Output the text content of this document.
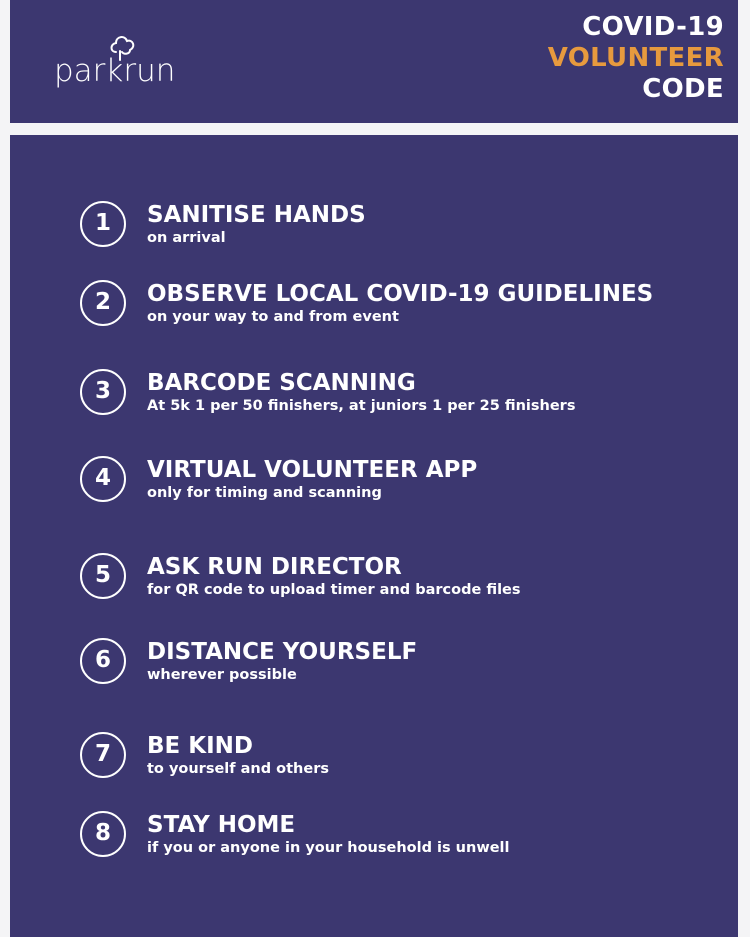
parkrun
COVID-19
VOLUNTEER
CODE
1	SANITISE HANDS
on arrival
2	OBSERVE LOCAL COVID-19 GUIDELINES
on your way to and from event
3	BARCODE SCANNING
At 5k 1 per 50 finishers, at juniors 1 per 25 finishers
4	VIRTUAL VOLUNTEER APP
only for timing and scanning
5	ASK RUN DIRECTOR
for QR code to upload timer and barcode files
6	DISTANCE YOURSELF
wherever possible
7	BE KIND
to yourself and others
8	STAY HOME
if you or anyone in your household is unwell
